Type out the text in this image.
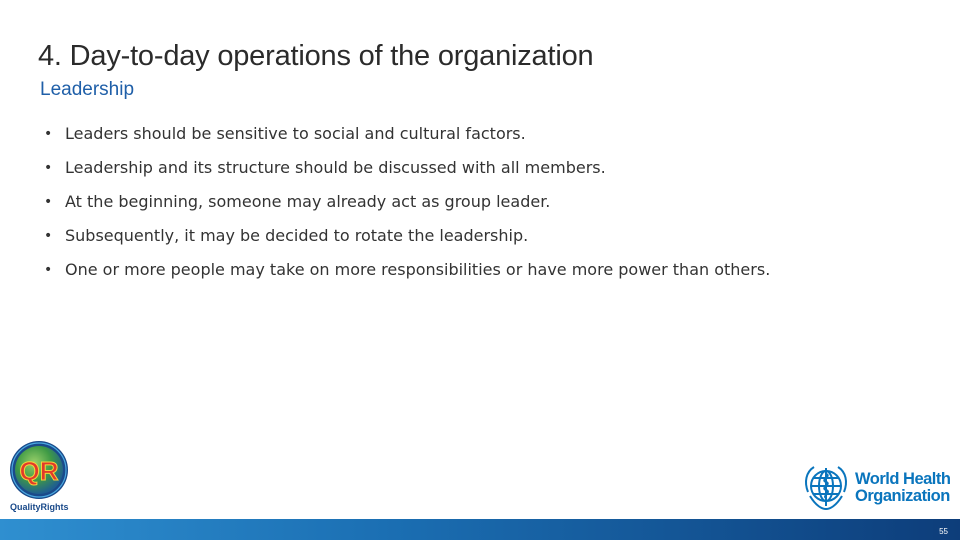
4. Day-to-day operations of the organization
Leadership
• Leaders should be sensitive to social and cultural factors.
• Leadership and its structure should be discussed with all members.
• At the beginning, someone may already act as group leader.
• Subsequently, it may be decided to rotate the leadership.
• One or more people may take on more responsibilities or have more power than others.
QR
QualityRights
World Health
Organization
55
